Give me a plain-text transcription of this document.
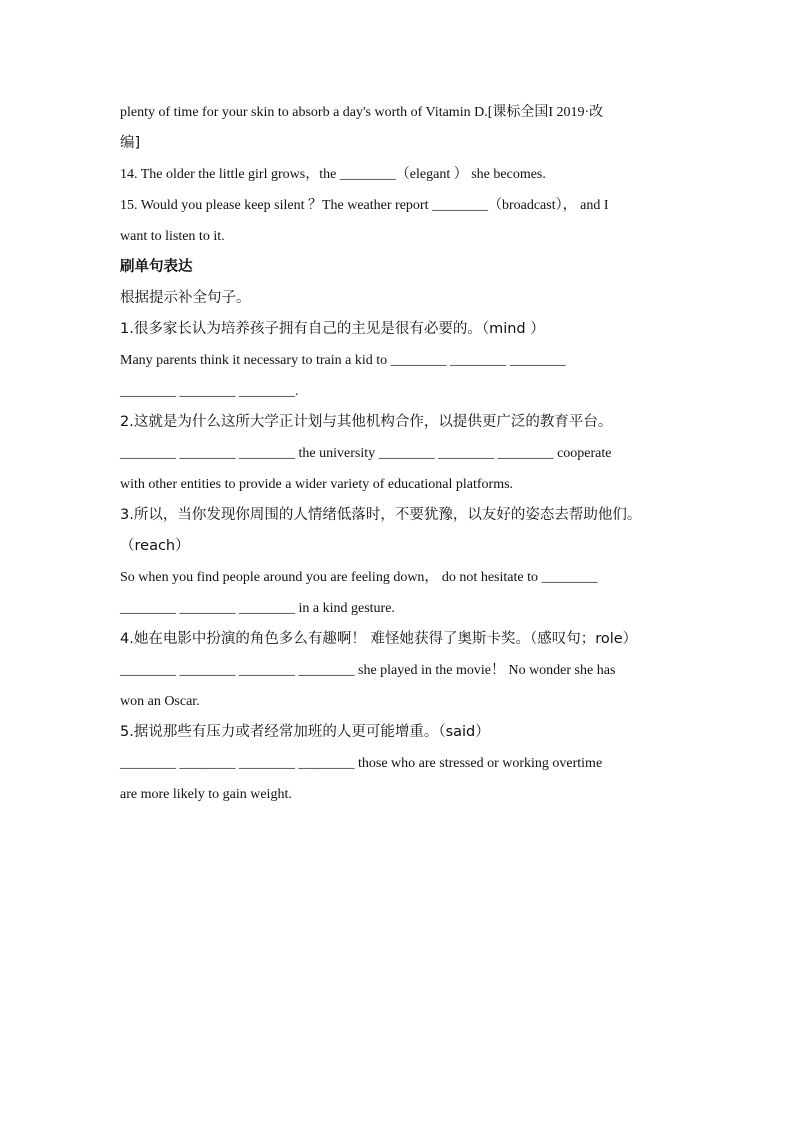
plenty of time for your skin to absorb a day's worth of Vitamin D.[课标全国I 2019·改
编]
14. The older the little girl grows，the ________（elegant ） she becomes.
15. Would you please keep silent ？The weather report ________（broadcast）， and I
want to listen to it.
刷单句表达
根据提示补全句子。
1.很多家长认为培养孩子拥有自己的主见是很有必要的。（mind ）
Many parents think it necessary to train a kid to ________ ________ ________
________ ________ ________.
2.这就是为什么这所大学正计划与其他机构合作，以提供更广泛的教育平台。
________ ________ ________ the university ________ ________ ________ cooperate
with other entities to provide a wider variety of educational platforms.
3.所以，当你发现你周围的人情绪低落时，不要犹豫，以友好的姿态去帮助他们。
（reach）
So when you find people around you are feeling down， do not hesitate to ________
________ ________ ________ in a kind gesture.
4.她在电影中扮演的角色多么有趣啊！ 难怪她获得了奥斯卡奖。（感叹句；role）
________ ________ ________ ________ she played in the movie！ No wonder she has
won an Oscar.
5.据说那些有压力或者经常加班的人更可能增重。（said）
________ ________ ________ ________ those who are stressed or working overtime
are more likely to gain weight.
